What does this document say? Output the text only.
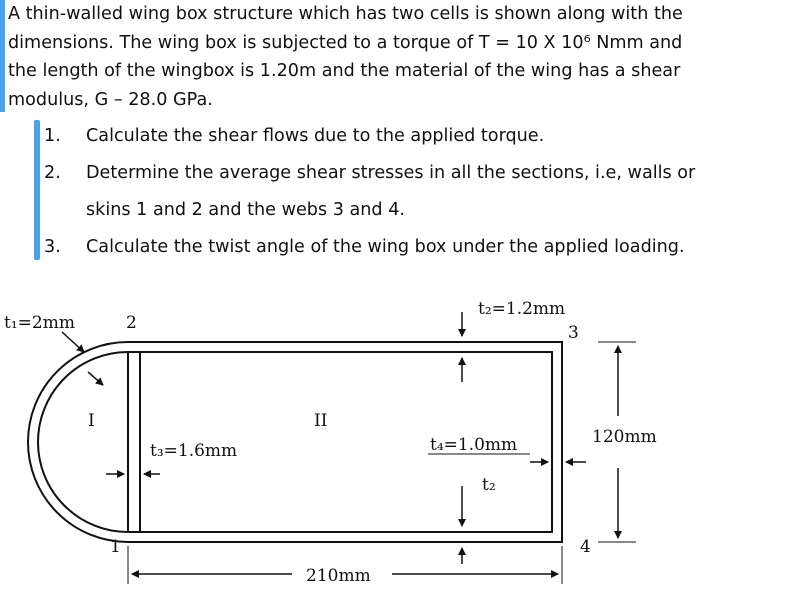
A thin-walled wing box structure which has two cells is shown along with the
dimensions. The wing box is subjected to a torque of T = 10 X 10⁶ Nmm and
the length of the wingbox is 1.20m and the material of the wing has a shear
modulus, G – 28.0 GPa.
1. Calculate the shear flows due to the applied torque.
2. Determine the average shear stresses in all the sections, i.e, walls or
skins 1 and 2 and the webs 3 and 4.
3. Calculate the twist angle of the wing box under the applied loading.
t₁=2mm	2
t₂=1.2mm
3
I	II
t₃=1.6mm	t₄=1.0mm
t₂
120mm
4
1
210mm
